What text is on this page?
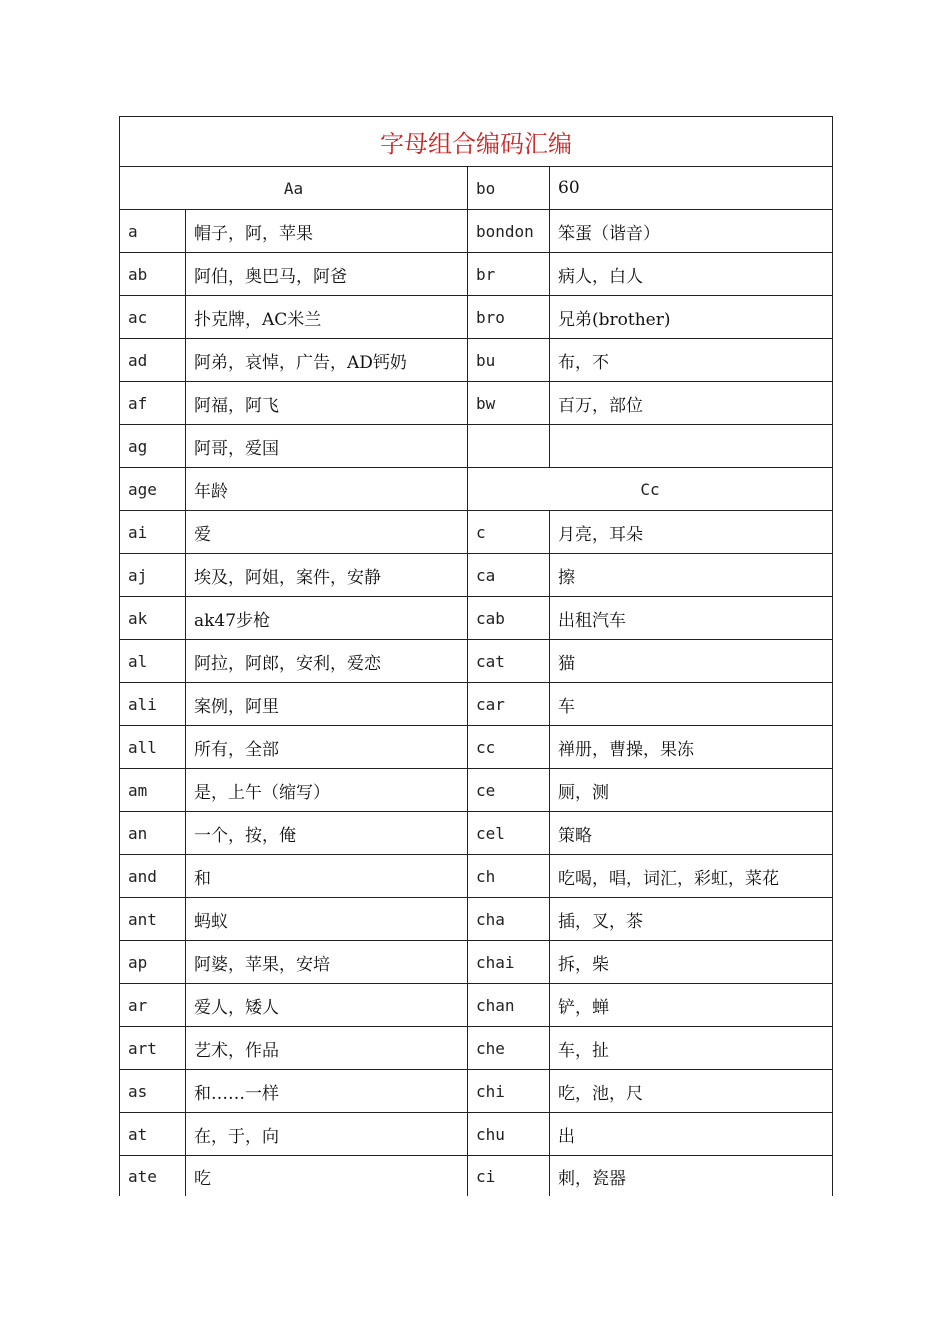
字母组合编码汇编			
Aa		bo	60
a	帽子，阿，苹果	bondon	笨蛋（谐音）
ab	阿伯，奥巴马，阿爸	br	病人，白人
ac	扑克牌，AC米兰	bro	兄弟(brother)
ad	阿弟，哀悼，广告，AD钙奶	bu	布，不
af	阿福，阿飞	bw	百万，部位
ag	阿哥，爱国		
age	年龄	Cc	
ai	爱	c	月亮，耳朵
aj	埃及，阿姐，案件，安静	ca	擦
ak	ak47步枪	cab	出租汽车
al	阿拉，阿郎，安利，爱恋	cat	猫
ali	案例，阿里	car	车
all	所有，全部	cc	禅册，曹操，果冻
am	是，上午（缩写）	ce	厕，测
an	一个，按，俺	cel	策略
and	和	ch	吃喝，唱，词汇，彩虹，菜花
ant	蚂蚁	cha	插，叉，茶
ap	阿婆，苹果，安培	chai	拆，柴
ar	爱人，矮人	chan	铲，蝉
art	艺术，作品	che	车，扯
as	和……一样	chi	吃，池，尺
at	在，于，向	chu	出
ate	吃	ci	刺，瓷器
